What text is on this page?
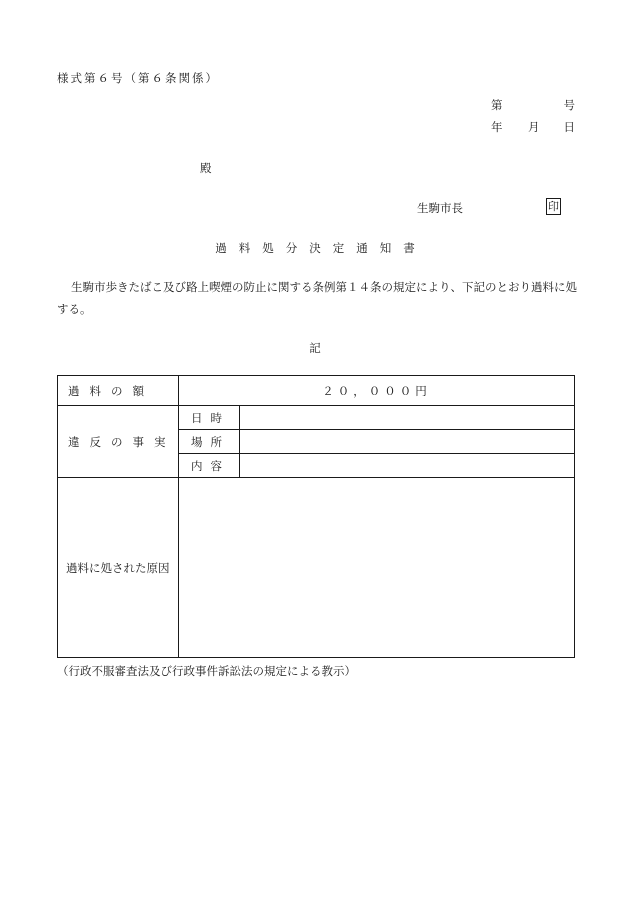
様式第６号（第６条関係）
第	号
年 月 日
殿
生駒市長	印
過料処分決定通知書
生駒市歩きたばこ及び路上喫煙の防止に関する条例第１４条の規定により、下記のとおり過料に処する。
記
過料の額	２０，０００円	
違反の事実	日時	
	場所	
	内容	
過料に処された原因		
（行政不服審査法及び行政事件訴訟法の規定による教示）
